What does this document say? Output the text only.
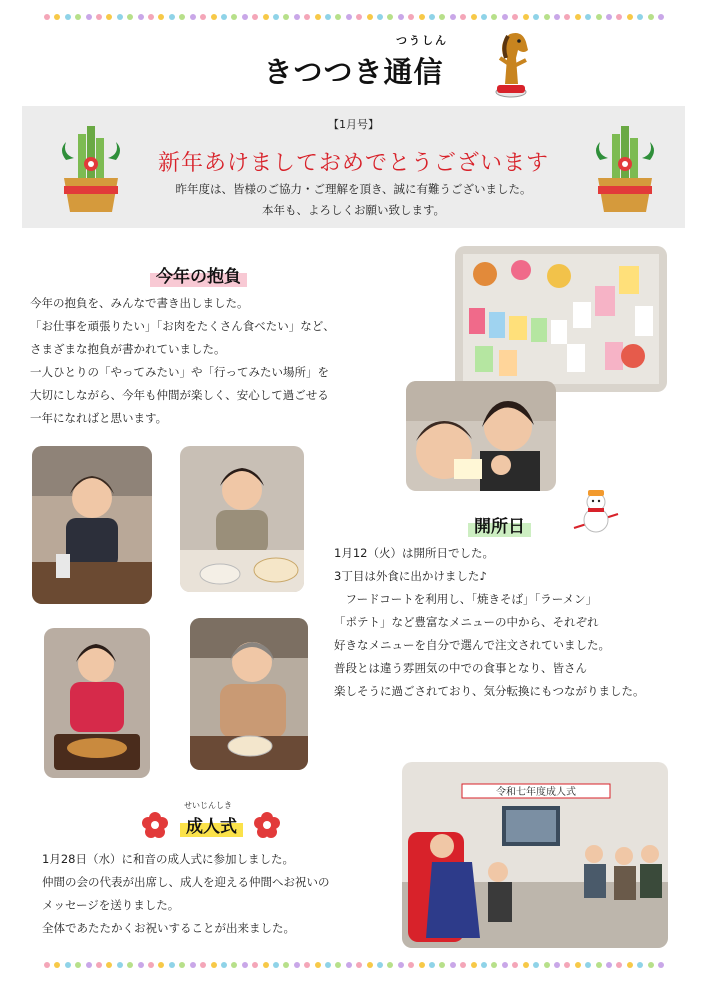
つうしん
きつつき通信
【1月号】
新年あけましておめでとうございます
昨年度は、皆様のご協力・ご理解を頂き、誠に有難うございました。
本年も、よろしくお願い致します。
今年の抱負
今年の抱負を、みんなで書き出しました。
「お仕事を頑張りたい」「お肉をたくさん食べたい」など、
さまざまな抱負が書かれていました。
一人ひとりの「やってみたい」や「行ってみたい場所」を
大切にしながら、今年も仲間が楽しく、安心して過ごせる
一年になればと思います。
開所日
1月12（火）は開所日でした。
3丁目は外食に出かけました♪
　フードコートを利用し、「焼きそば」「ラーメン」
「ポテト」など豊富なメニューの中から、それぞれ
好きなメニューを自分で選んで注文されていました。
普段とは違う雰囲気の中での食事となり、皆さん
楽しそうに過ごされており、気分転換にもつながりました。
せいじんしき
成人式
1月28日（水）に和音の成人式に参加しました。
仲間の会の代表が出席し、成人を迎える仲間へお祝いの
メッセージを送りました。
全体であたたかくお祝いすることが出来ました。
令和七年度成人式
